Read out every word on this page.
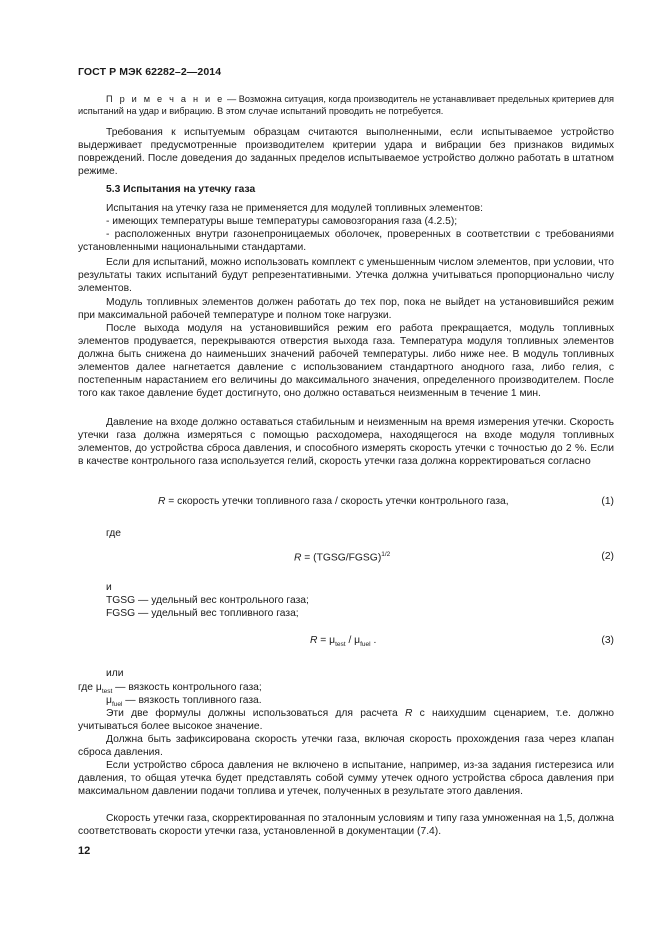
ГОСТ Р МЭК 62282–2—2014
П р и м е ч а н и е — Возможна ситуация, когда производитель не устанавливает предельных критериев для испытаний на удар и вибрацию. В этом случае испытаний проводить не потребуется.
Требования к испытуемым образцам считаются выполненными, если испытываемое устройство выдерживает предусмотренные производителем критерии удара и вибрации без признаков видимых повреждений. После доведения до заданных пределов испытываемое устройство должно работать в штатном режиме.
5.3 Испытания на утечку газа
Испытания на утечку газа не применяется для модулей топливных элементов:
- имеющих температуры выше температуры самовозгорания газа (4.2.5);
- расположенных внутри газонепроницаемых оболочек, проверенных в соответствии с требованиями установленными национальными стандартами.
Если для испытаний, можно использовать комплект с уменьшенным числом элементов, при условии, что результаты таких испытаний будут репрезентативными. Утечка должна учитываться пропорционально числу элементов.
Модуль топливных элементов должен работать до тех пор, пока не выйдет на установившийся режим при максимальной рабочей температуре и полном токе нагрузки.
После выхода модуля на установившийся режим его работа прекращается, модуль топливных элементов продувается, перекрываются отверстия выхода газа. Температура модуля топливных элементов должна быть снижена до наименьших значений рабочей температуры. либо ниже нее. В модуль топливных элементов далее нагнетается давление с использованием стандартного анодного газа, либо гелия, с постепенным нарастанием его величины до максимального значения, определенного производителем. После того как такое давление будет достигнуто, оно должно оставаться неизменным в течение 1 мин.
Давление на входе должно оставаться стабильным и неизменным на время измерения утечки. Скорость утечки газа должна измеряться с помощью расходомера, находящегося на входе модуля топливных элементов, до устройства сброса давления, и способного измерять скорость утечки с точностью до 2 %. Если в качестве контрольного газа используется гелий, скорость утечки газа должна корректироваться согласно
R = скорость утечки топливного газа / скорость утечки контрольного газа,	(1)
где
R = (TGSG/FGSG)$^{1/2}$	(2)
и
TGSG — удельный вес контрольного газа;
FGSG — удельный вес топливного газа;
$R = \mu_{test} / \mu_{fuel}$ .	(3)
или
где $\mu_{test}$ — вязкость контрольного газа;
$\mu_{fuel}$ — вязкость топливного газа.
Эти две формулы должны использоваться для расчета R с наихудшим сценарием, т.е. должно учитываться более высокое значение.
Должна быть зафиксирована скорость утечки газа, включая скорость прохождения газа через клапан сброса давления.
Если устройство сброса давления не включено в испытание, например, из-за задания гистерезиса или давления, то общая утечка будет представлять собой сумму утечек одного устройства сброса давления при максимальном давлении подачи топлива и утечек, полученных в результате этого давления.
Скорость утечки газа, скорректированная по эталонным условиям и типу газа умноженная на 1,5, должна соответствовать скорости утечки газа, установленной в документации (7.4).
12
